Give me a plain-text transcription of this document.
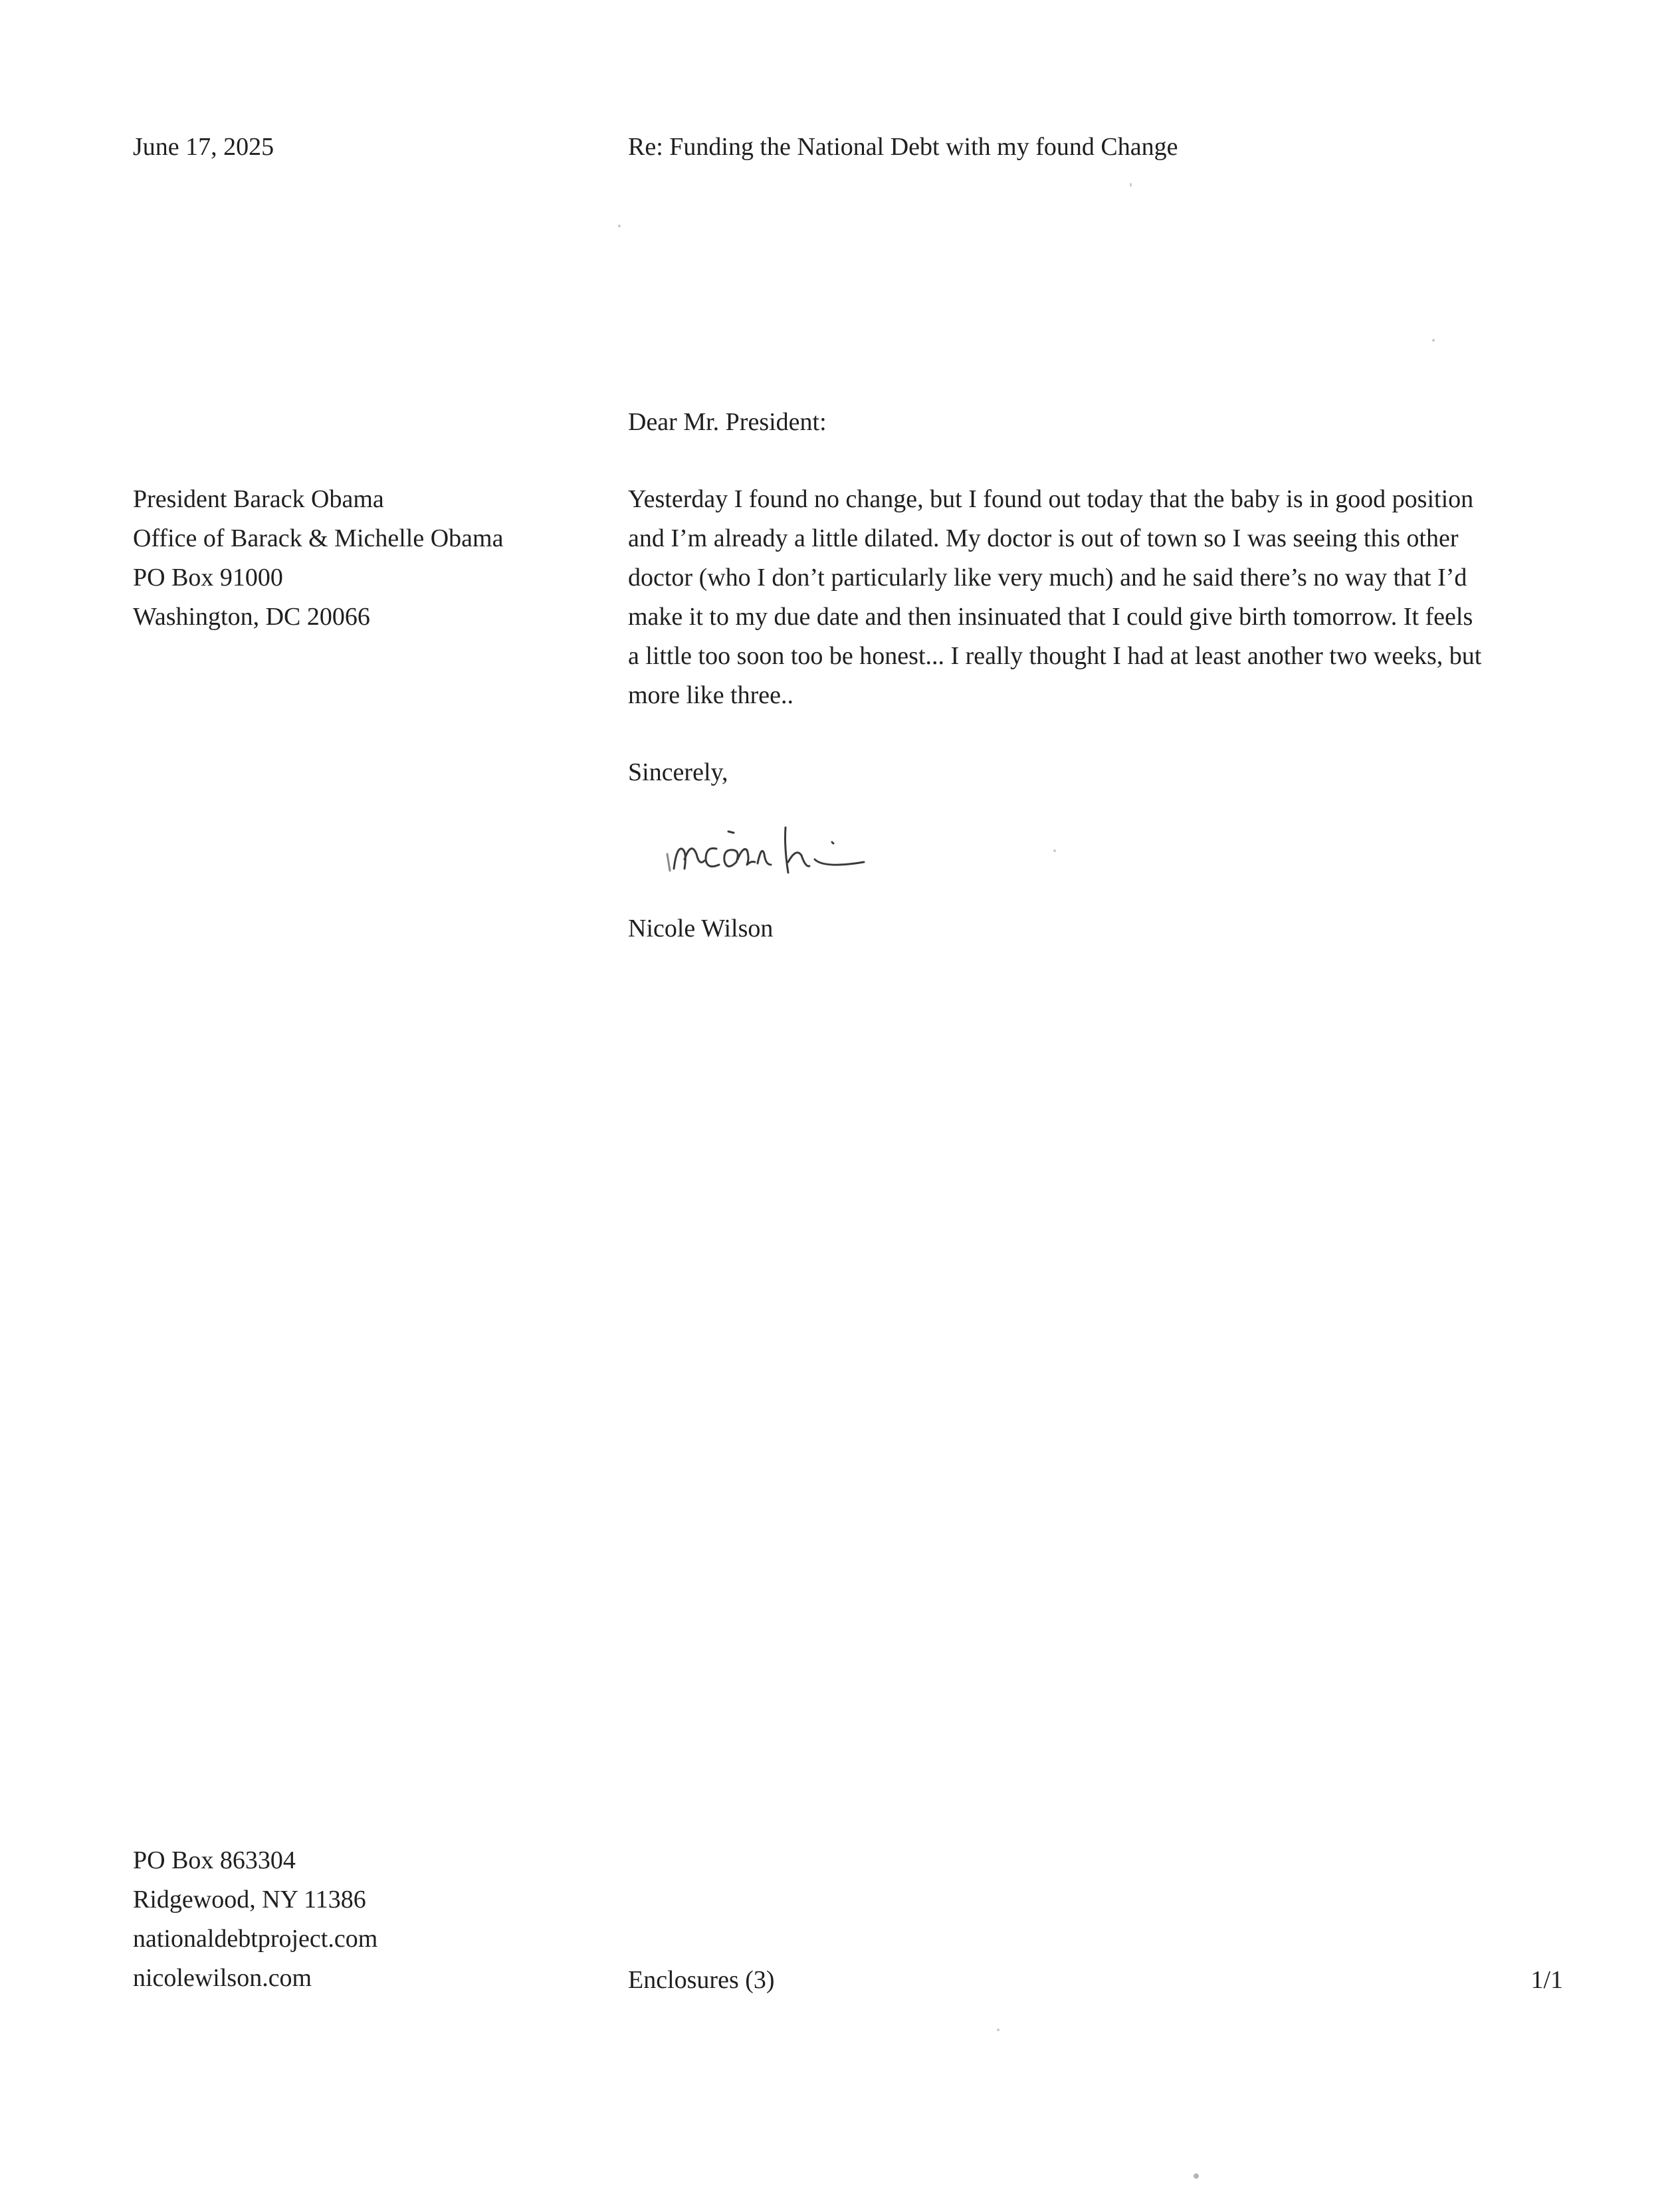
June 17, 2025	Re: Funding the National Debt with my found Change
Dear Mr. President:
President Barack Obama
Office of Barack & Michelle Obama
PO Box 91000
Washington, DC 20066
Yesterday I found no change, but I found out today that the baby is in good position
and I’m already a little dilated. My doctor is out of town so I was seeing this other
doctor (who I don’t particularly like very much) and he said there’s no way that I’d
make it to my due date and then insinuated that I could give birth tomorrow. It feels
a little too soon too be honest... I really thought I had at least another two weeks, but
more like three..
Sincerely,
Nicole Wilson
PO Box 863304
Ridgewood, NY 11386
nationaldebtproject.com
nicolewilson.com	Enclosures (3)	1/1
